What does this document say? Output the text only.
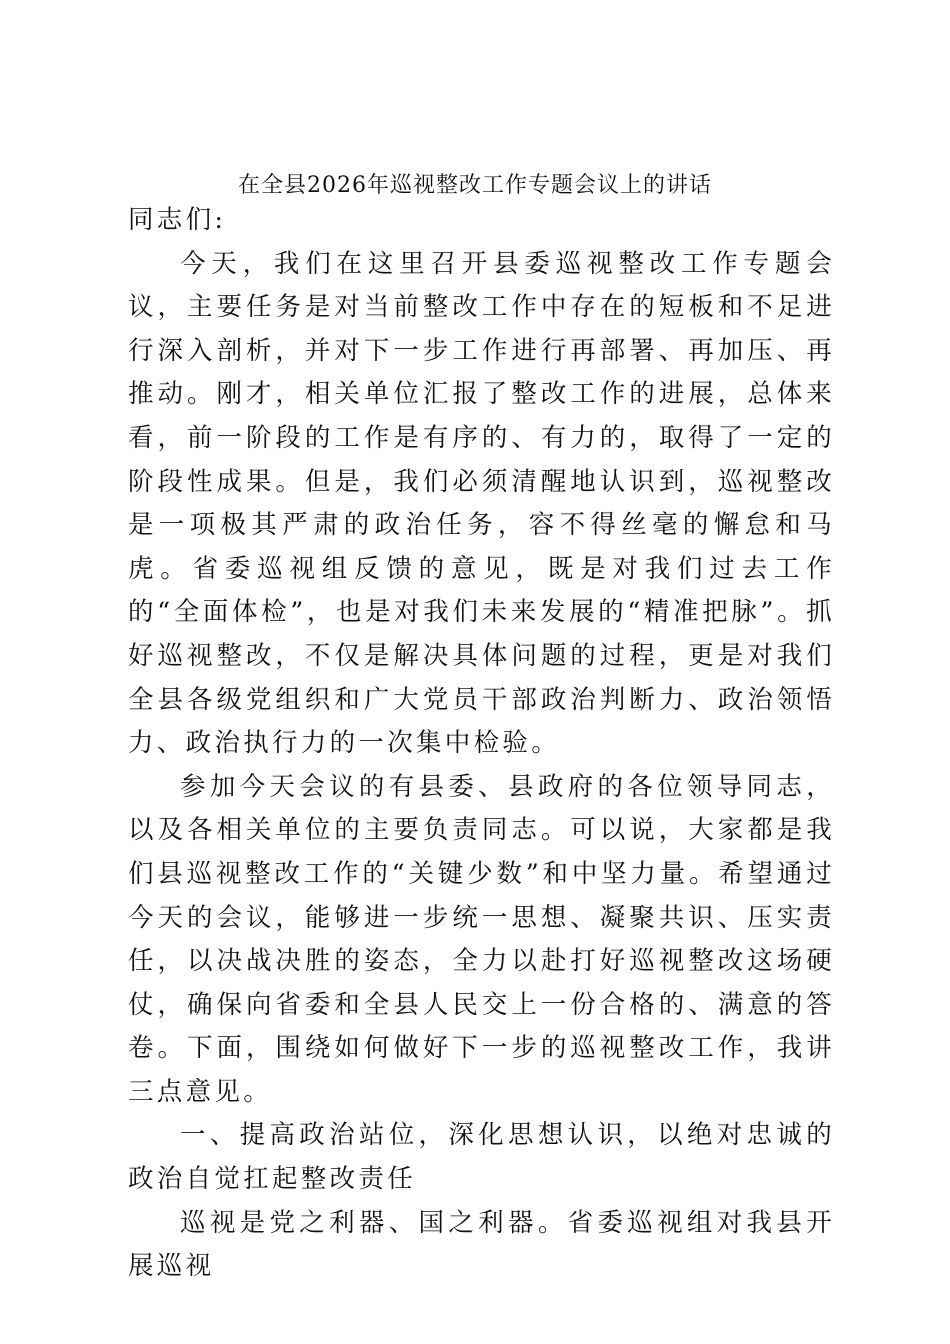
在全县2026年巡视整改工作专题会议上的讲话

同志们:

今天，我们在这里召开县委巡视整改工作专题会议，主要任务是对当前整改工作中存在的短板和不足进行深入剖析，并对下一步工作进行再部署、再加压、再推动。刚才，相关单位汇报了整改工作的进展，总体来看，前一阶段的工作是有序的、有力的，取得了一定的阶段性成果。但是，我们必须清醒地认识到，巡视整改是一项极其严肃的政治任务，容不得丝毫的懈怠和马虎。省委巡视组反馈的意见，既是对我们过去工作的“全面体检”，也是对我们未来发展的“精准把脉”。抓好巡视整改，不仅是解决具体问题的过程，更是对我们全县各级党组织和广大党员干部政治判断力、政治领悟力、政治执行力的一次集中检验。

参加今天会议的有县委、县政府的各位领导同志，以及各相关单位的主要负责同志。可以说，大家都是我们县巡视整改工作的“关键少数”和中坚力量。希望通过今天的会议，能够进一步统一思想、凝聚共识、压实责任，以决战决胜的姿态，全力以赴打好巡视整改这场硬仗，确保向省委和全县人民交上一份合格的、满意的答卷。下面，围绕如何做好下一步的巡视整改工作，我讲三点意见。

一、提高政治站位，深化思想认识，以绝对忠诚的政治自觉扛起整改责任

巡视是党之利器、国之利器。省委巡视组对我县开展巡视
